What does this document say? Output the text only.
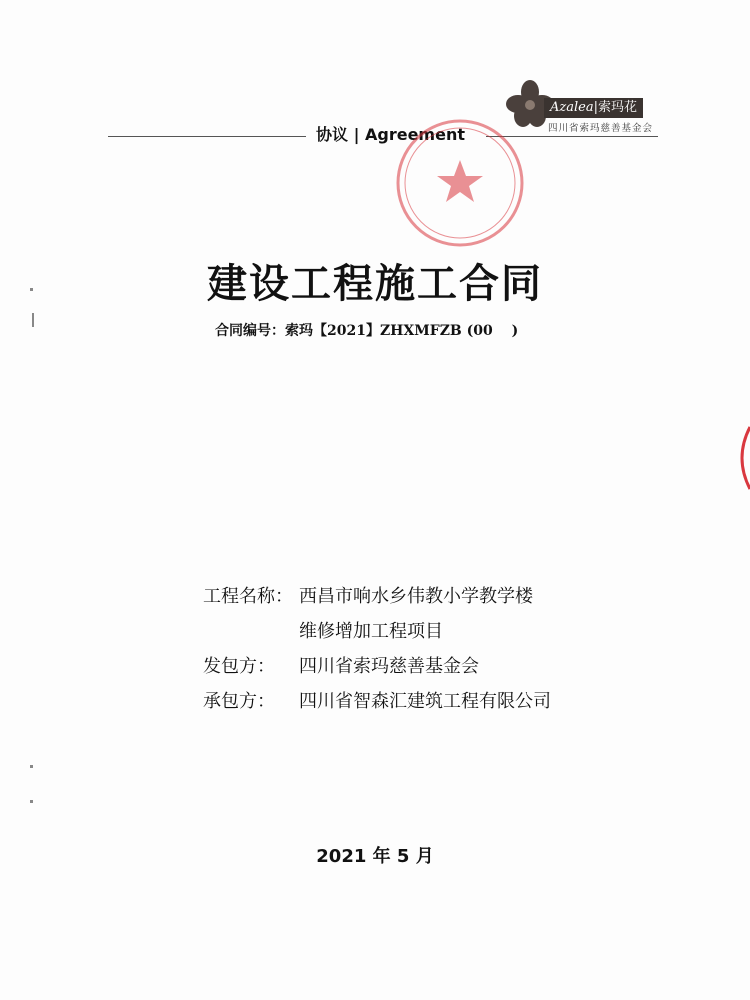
Azalea|索玛花
四川省索玛慈善基金会
协议 | Agreement
建设工程施工合同
合同编号：索玛【2021】ZHXMFZB (00　 )
工程名称： 西昌市响水乡伟教小学教学楼
维修增加工程项目
发包方：	四川省索玛慈善基金会
承包方：	四川省智森汇建筑工程有限公司
2021 年 5 月
